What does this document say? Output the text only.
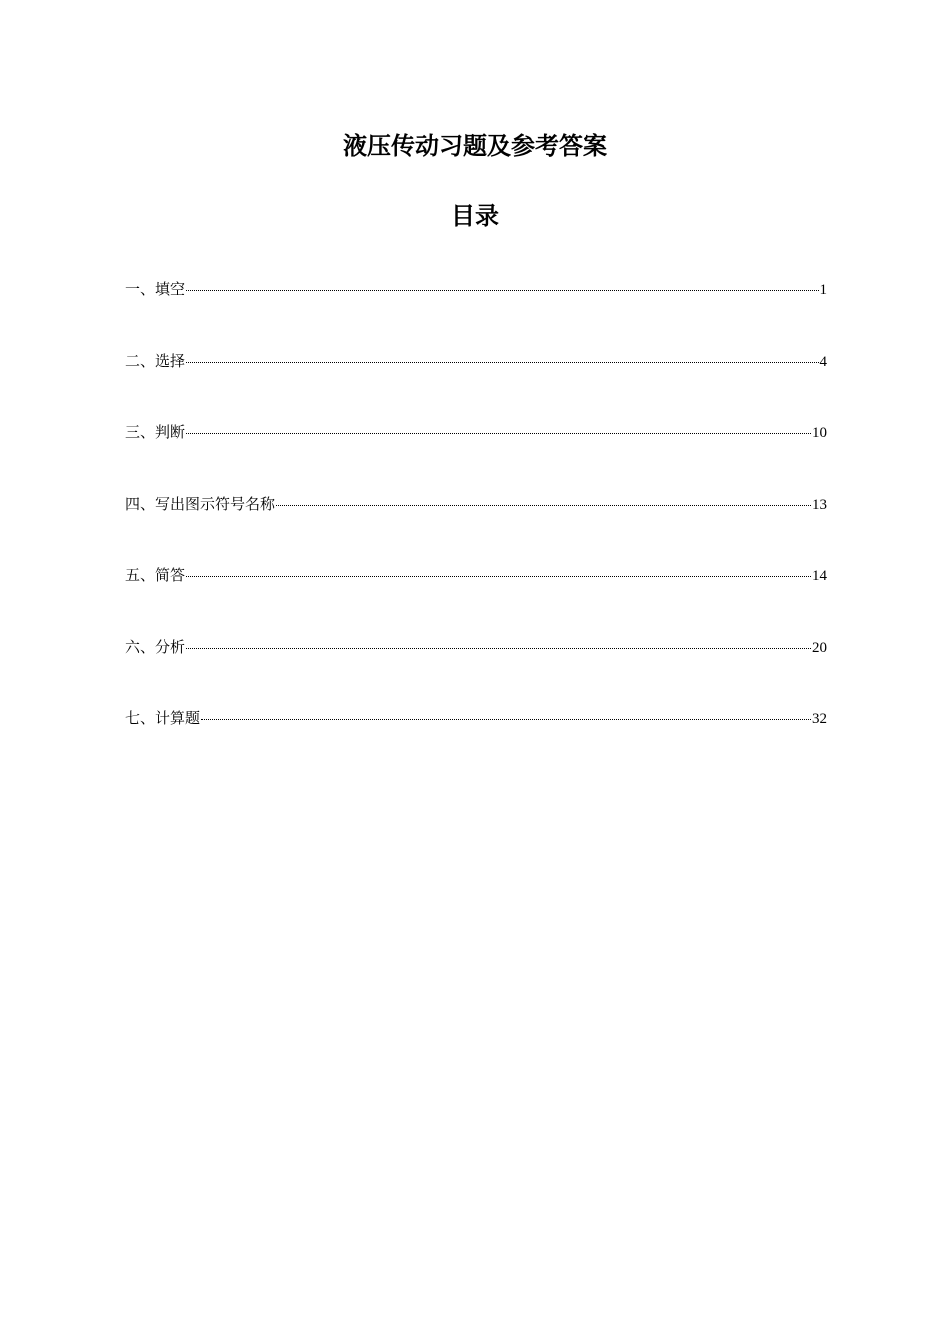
液压传动习题及参考答案
目录
一、填空	1
二、选择	4
三、判断	10
四、写出图示符号名称	13
五、简答	14
六、分析	20
七、计算题	32
